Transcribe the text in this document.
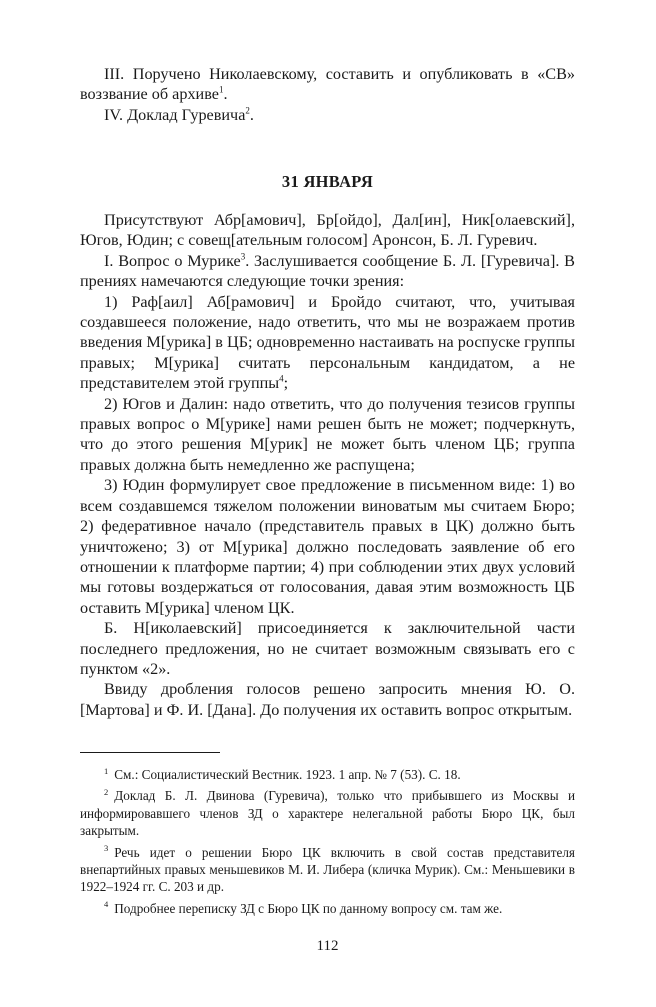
III. Поручено Николаевскому, составить и опубликовать в «СВ» воззвание об архиве$^1$.

IV. Доклад Гуревича$^2$.

31 ЯНВАРЯ

Присутствуют Абр[амович], Бр[ойдо], Дал[ин], Ник[олаевский], Югов, Юдин; с совещ[ательным голосом] Аронсон, Б. Л. Гуревич.

I. Вопрос о Мурике$^3$. Заслушивается сообщение Б. Л. [Гуревича]. В прениях намечаются следующие точки зрения:

1) Раф[аил] Аб[рамович] и Бройдо считают, что, учитывая создавшееся положение, надо ответить, что мы не возражаем против введения М[урика] в ЦБ; одновременно настаивать на роспуске группы правых; М[урика] считать персональным кандидатом, а не представителем этой группы$^4$;

2) Югов и Далин: надо ответить, что до получения тезисов группы правых вопрос о М[урике] нами решен быть не может; подчеркнуть, что до этого решения М[урик] не может быть членом ЦБ; группа правых должна быть немедленно же распущена;

3) Юдин формулирует свое предложение в письменном виде: 1) во всем создавшемся тяжелом положении виноватым мы считаем Бюро; 2) федеративное начало (представитель правых в ЦК) должно быть уничтожено; 3) от М[урика] должно последовать заявление об его отношении к платформе партии; 4) при соблюдении этих двух условий мы готовы воздержаться от голосования, давая этим возможность ЦБ оставить М[урика] членом ЦК.

Б. Н[иколаевский] присоединяется к заключительной части последнего предложения, но не считает возможным связывать его с пунктом «2».

Ввиду дробления голосов решено запросить мнения Ю. О. [Мартова] и Ф. И. [Дана]. До получения их оставить вопрос открытым.

$^1$ См.: Социалистический Вестник. 1923. 1 апр. № 7 (53). С. 18.

$^2$ Доклад Б. Л. Двинова (Гуревича), только что прибывшего из Москвы и информировавшего членов ЗД о характере нелегальной работы Бюро ЦК, был закрытым.

$^3$ Речь идет о решении Бюро ЦК включить в свой состав представителя внепартийных правых меньшевиков М. И. Либера (кличка Мурик). См.: Меньшевики в 1922–1924 гг. С. 203 и др.

$^4$ Подробнее переписку ЗД с Бюро ЦК по данному вопросу см. там же.

112
